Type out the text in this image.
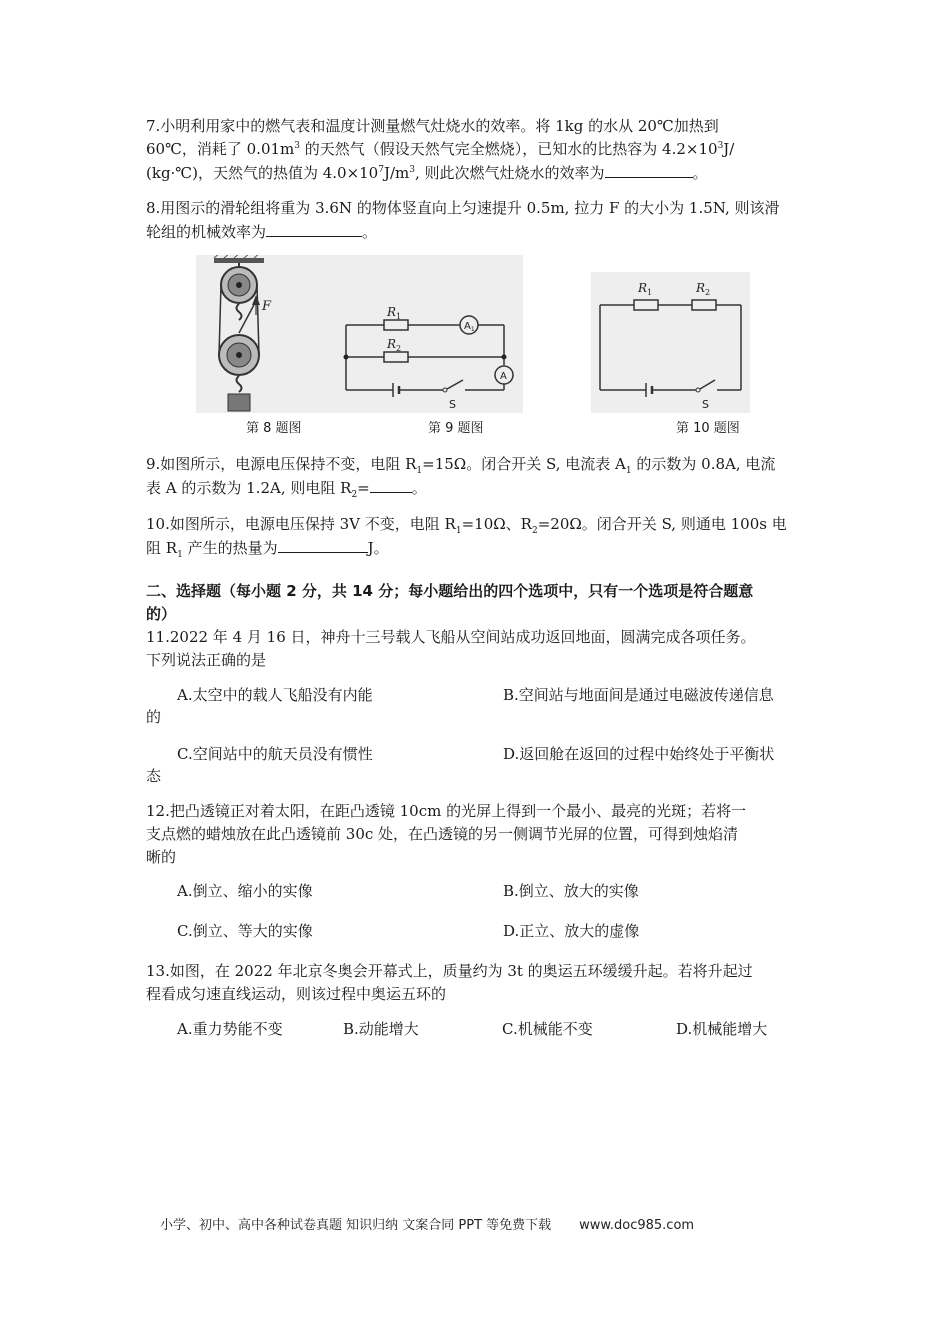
7.小明利用家中的燃气表和温度计测量燃气灶烧水的效率。将 1kg 的水从 20℃加热到
60℃，消耗了 $0.01m^3$ 的天然气（假设天然气完全燃烧），已知水的比热容为 $4.2\times 10^3J/$
(kg·℃)，天然气的热值为 $4.0\times 10^7J/m^3$, 则此次燃气灶烧水的效率为	。
8.用图示的滑轮组将重为 3.6N 的物体竖直向上匀速提升 0.5m, 拉力 F 的大小为 1.5N, 则该滑
轮组的机械效率为	。
F
第 8 题图
$R_1$
$A_1$
$R_2$
A
S
第 9 题图
$R_1$	$R_2$
S
第 10 题图
9.如图所示，电源电压保持不变，电阻 $R_1=15\Omega$。闭合开关 S, 电流表 $A_1$ 的示数为 0.8A, 电流
表 A 的示数为 1.2A, 则电阻 $R_2=$	。
10.如图所示，电源电压保持 3V 不变，电阻 $R_1=10\Omega$、$R_2=20\Omega$。闭合开关 S, 则通电 100s 电
阻 $R_1$ 产生的热量为	J。
二、选择题（每小题 2 分，共 14 分；每小题给出的四个选项中，只有一个选项是符合题意
的）
11.2022 年 4 月 16 日，神舟十三号载人飞船从空间站成功返回地面，圆满完成各项任务。
下列说法正确的是
A.太空中的载人飞船没有内能	B.空间站与地面间是通过电磁波传递信息
的
C.空间站中的航天员没有惯性	D.返回舱在返回的过程中始终处于平衡状
态
12.把凸透镜正对着太阳，在距凸透镜 10cm 的光屏上得到一个最小、最亮的光斑；若将一
支点燃的蜡烛放在此凸透镜前 30c 处，在凸透镜的另一侧调节光屏的位置，可得到烛焰清
晰的
A.倒立、缩小的实像	B.倒立、放大的实像
C.倒立、等大的实像	D.正立、放大的虚像
13.如图，在 2022 年北京冬奥会开幕式上，质量约为 3t 的奥运五环缓缓升起。若将升起过
程看成匀速直线运动，则该过程中奥运五环的
A.重力势能不变	B.动能增大	C.机械能不变	D.机械能增大
小学、初中、高中各种试卷真题 知识归纳 文案合同 PPT 等免费下载 www.doc985.com
